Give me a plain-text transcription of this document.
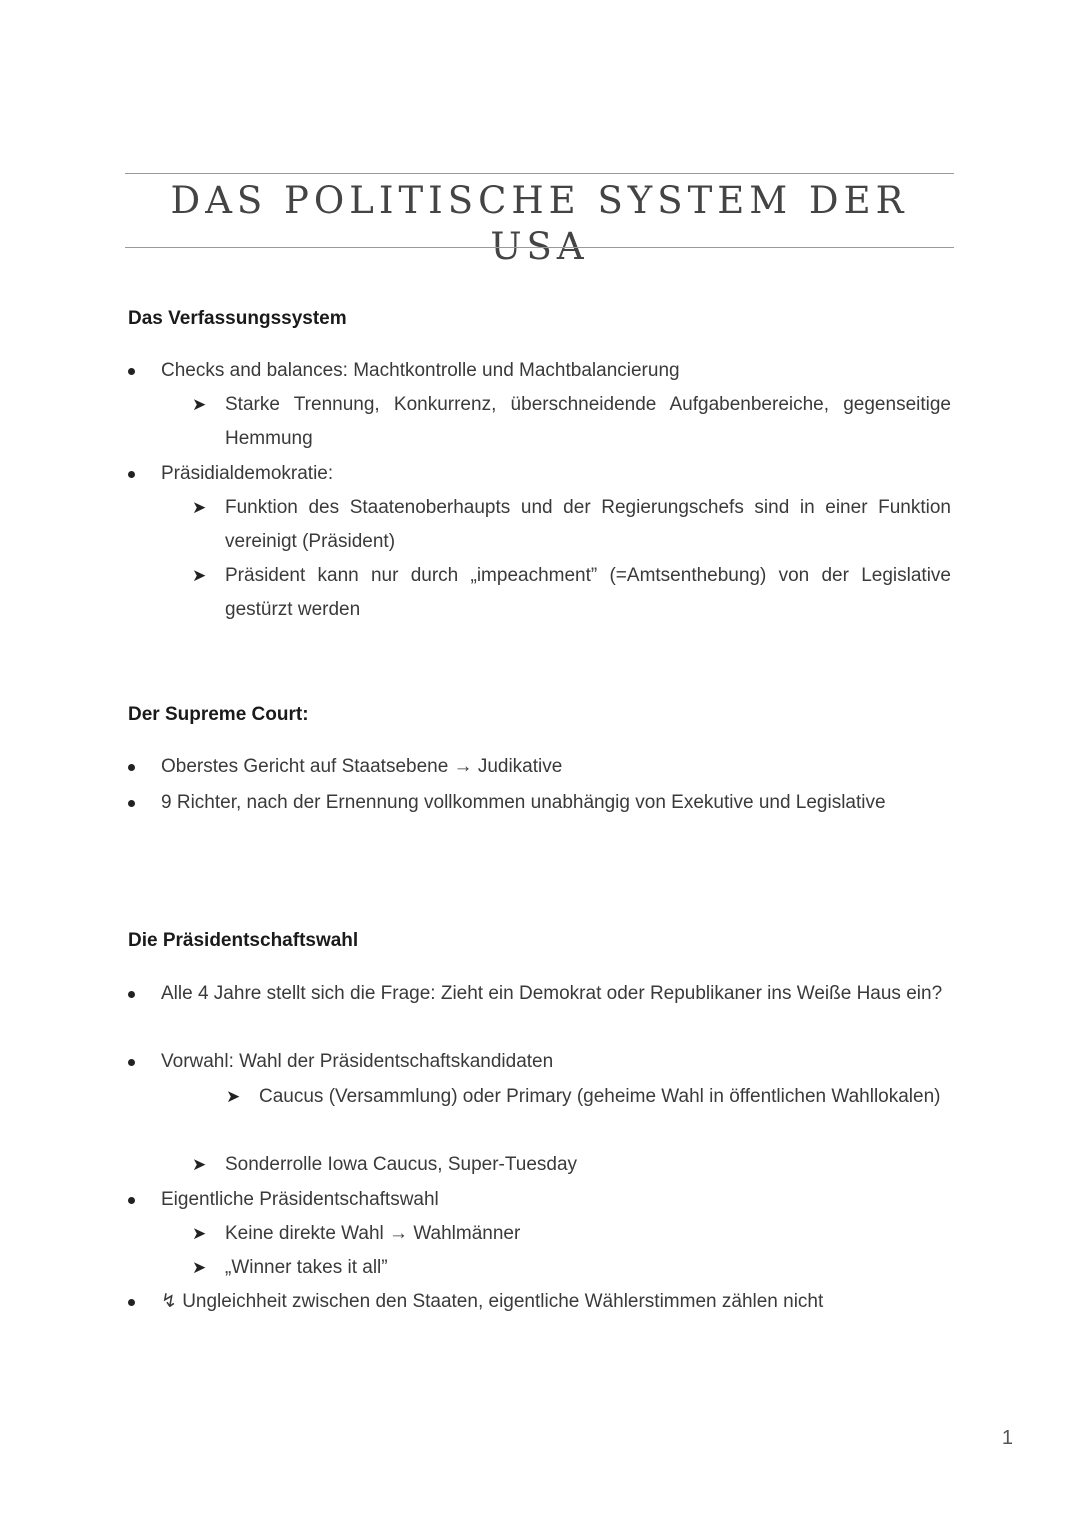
DAS POLITISCHE SYSTEM DER USA
Das Verfassungssystem
Checks and balances: Machtkontrolle und Machtbalancierung
➤ Starke Trennung, Konkurrenz, überschneidende Aufgabenbereiche, gegenseitige Hemmung
Präsidialdemokratie:
➤ Funktion des Staatenoberhaupts und der Regierungschefs sind in einer Funktion vereinigt (Präsident)
➤ Präsident kann nur durch „impeachment” (=Amtsenthebung) von der Legislative gestürzt werden
Der Supreme Court:
Oberstes Gericht auf Staatsebene → Judikative
9 Richter, nach der Ernennung vollkommen unabhängig von Exekutive und Legislative
Die Präsidentschaftswahl
Alle 4 Jahre stellt sich die Frage: Zieht ein Demokrat oder Republikaner ins Weiße Haus ein?
Vorwahl: Wahl der Präsidentschaftskandidaten
➤ Caucus (Versammlung) oder Primary (geheime Wahl in öffentlichen Wahllokalen)
➤ Sonderrolle Iowa Caucus, Super-Tuesday
Eigentliche Präsidentschaftswahl
➤ Keine direkte Wahl → Wahlmänner
➤ „Winner takes it all”
↯ Ungleichheit zwischen den Staaten, eigentliche Wählerstimmen zählen nicht
1
